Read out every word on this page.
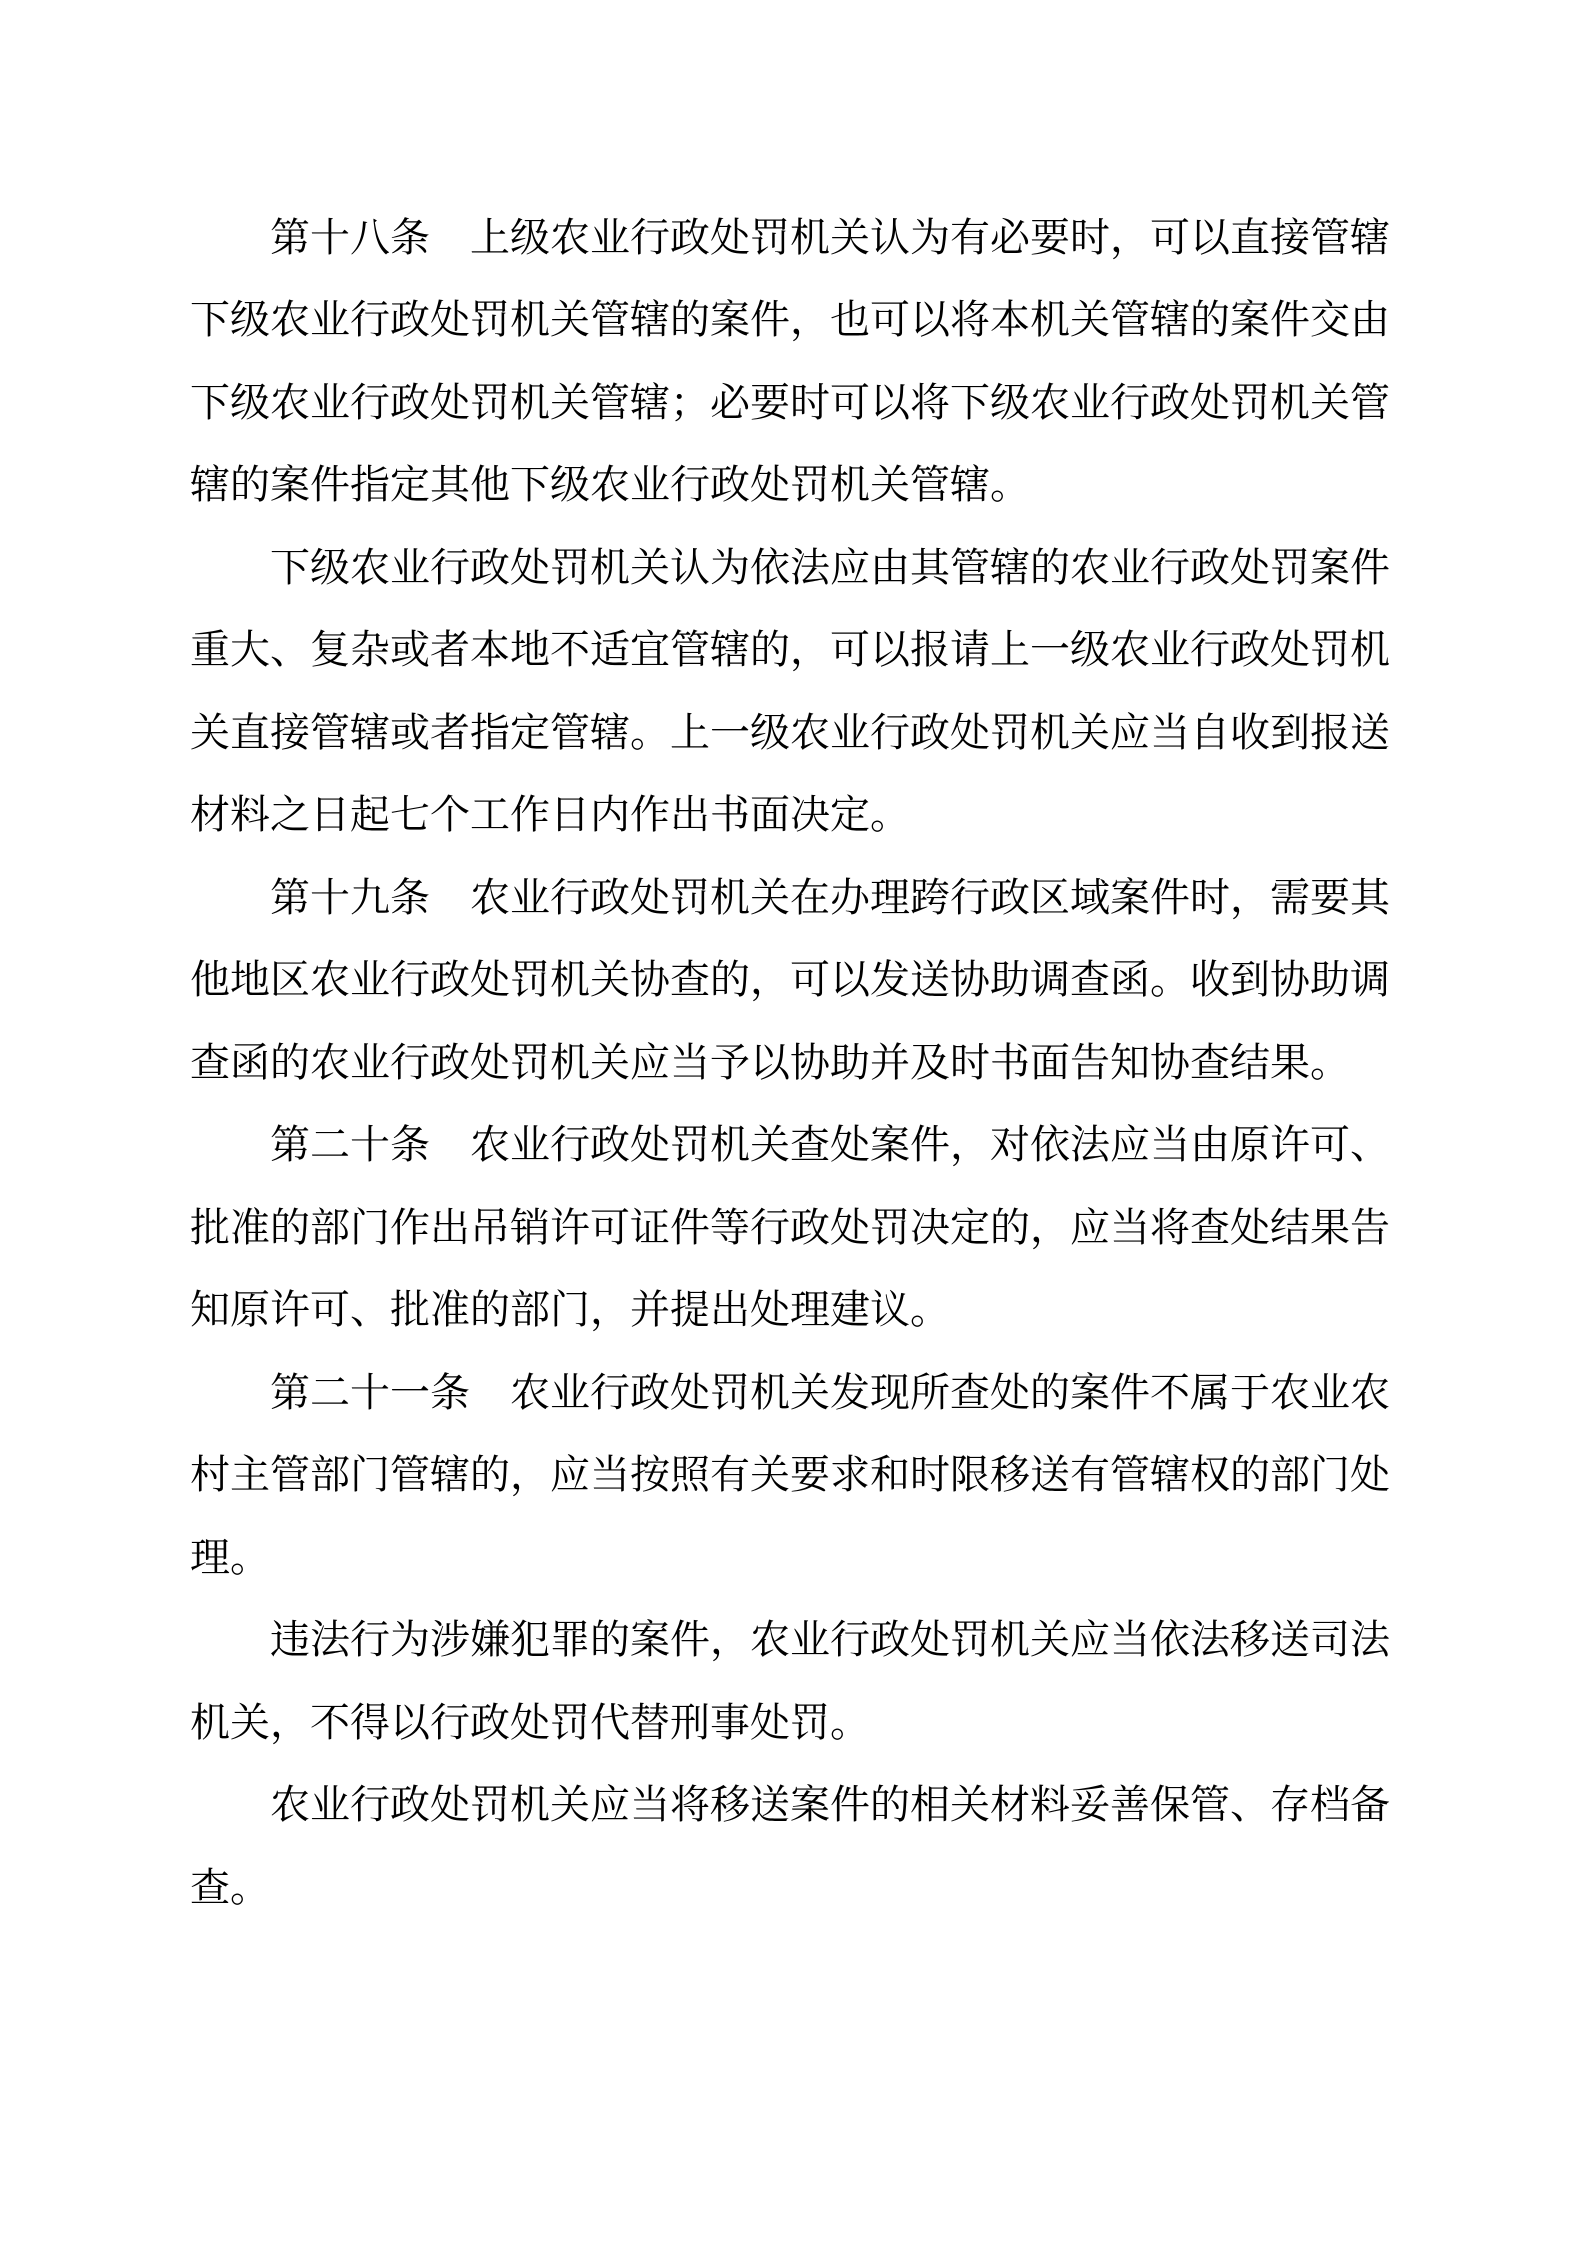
第十八条　上级农业行政处罚机关认为有必要时，可以直接管辖
下级农业行政处罚机关管辖的案件，也可以将本机关管辖的案件交由
下级农业行政处罚机关管辖；必要时可以将下级农业行政处罚机关管
辖的案件指定其他下级农业行政处罚机关管辖。
下级农业行政处罚机关认为依法应由其管辖的农业行政处罚案件
重大、复杂或者本地不适宜管辖的，可以报请上一级农业行政处罚机
关直接管辖或者指定管辖。上一级农业行政处罚机关应当自收到报送
材料之日起七个工作日内作出书面决定。
第十九条　农业行政处罚机关在办理跨行政区域案件时，需要其
他地区农业行政处罚机关协查的，可以发送协助调查函。收到协助调
查函的农业行政处罚机关应当予以协助并及时书面告知协查结果。
第二十条　农业行政处罚机关查处案件，对依法应当由原许可、
批准的部门作出吊销许可证件等行政处罚决定的，应当将查处结果告
知原许可、批准的部门，并提出处理建议。
第二十一条　农业行政处罚机关发现所查处的案件不属于农业农
村主管部门管辖的，应当按照有关要求和时限移送有管辖权的部门处
理。
违法行为涉嫌犯罪的案件，农业行政处罚机关应当依法移送司法
机关，不得以行政处罚代替刑事处罚。
农业行政处罚机关应当将移送案件的相关材料妥善保管、存档备
查。
